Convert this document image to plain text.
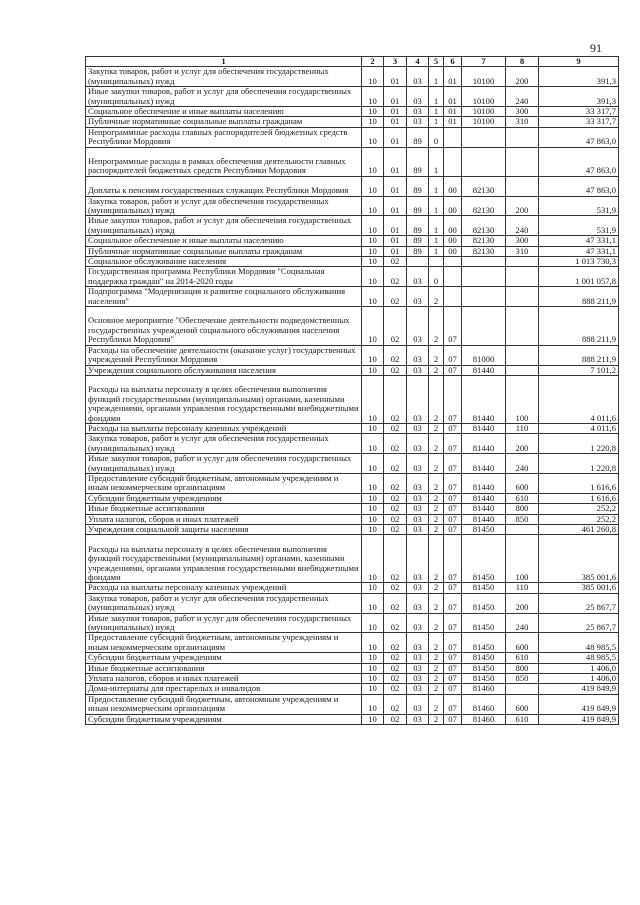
91
1	2	3	4	5	6	7	8	9
Закупка товаров, работ и услуг для обеспечения государственных (муниципальных) нужд	10	01	03	1	01	10100	200	391,3
Иные закупки товаров, работ и услуг для обеспечения государственных (муниципальных) нужд	10	01	03	1	01	10100	240	391,3
Социальное обеспечение и иные выплаты населению	10	01	03	1	01	10100	300	33 317,7
Публичные нормативные социальные выплаты гражданам	10	01	03	1	01	10100	310	33 317,7
Непрограммные расходы главных распорядителей бюджетных средств Республики Мордовия	10	01	89	0				47 863,0
Непрограммные расходы в рамках обеспечения деятельности главных распорядителей бюджетных средств Республики Мордовия	10	01	89	1				47 863,0
Доплаты к пенсиям государственных служащих Республики Мордовия	10	01	89	1	00	82130		47 863,0
Закупка товаров, работ и услуг для обеспечения государственных (муниципальных) нужд	10	01	89	1	00	82130	200	531,9
Иные закупки товаров, работ и услуг для обеспечения государственных (муниципальных) нужд	10	01	89	1	00	82130	240	531,9
Социальное обеспечение и иные выплаты населению	10	01	89	1	00	82130	300	47 331,1
Публичные нормативные социальные выплаты гражданам	10	01	89	1	00	82130	310	47 331,1
Социальное обслуживание населения	10	02						1 013 730,3
Государственная программа Республики Мордовия "Социальная поддержка граждан" на 2014-2020 годы	10	02	03	0				1 001 057,8
Подпрограмма "Модернизация и развитие социального обслуживания населения"	10	02	03	2				888 211,9
Основное мероприятие "Обеспечение деятельности подведомственных государственных учреждений социального обслуживания населения Республики Мордовия"	10	02	03	2	07			888 211,9
Расходы на обеспечение деятельности (оказание услуг) государственных учреждений Республики Мордовия	10	02	03	2	07	81000		888 211,9
Учреждения социального обслуживания населения	10	02	03	2	07	81440		7 101,2
Расходы на выплаты персоналу в целях обеспечения выполнения функций государственными (муниципальными) органами, казенными учреждениями, органами управления государственными внебюджетными фондами	10	02	03	2	07	81440	100	4 011,6
Расходы на выплаты персоналу казенных учреждений	10	02	03	2	07	81440	110	4 011,6
Закупка товаров, работ и услуг для обеспечения государственных (муниципальных) нужд	10	02	03	2	07	81440	200	1 220,8
Иные закупки товаров, работ и услуг для обеспечения государственных (муниципальных) нужд	10	02	03	2	07	81440	240	1 220,8
Предоставление субсидий бюджетным, автономным учреждениям и иным некоммерческим организациям	10	02	03	2	07	81440	600	1 616,6
Субсидии бюджетным учреждениям	10	02	03	2	07	81440	610	1 616,6
Иные бюджетные ассигнования	10	02	03	2	07	81440	800	252,2
Уплата налогов, сборов и иных платежей	10	02	03	2	07	81440	850	252,2
Учреждения социальной защиты населения	10	02	03	2	07	81450		461 260,8
Расходы на выплаты персоналу в целях обеспечения выполнения функций государственными (муниципальными) органами, казенными учреждениями, органами управления государственными внебюджетными фондами	10	02	03	2	07	81450	100	385 001,6
Расходы на выплаты персоналу казенных учреждений	10	02	03	2	07	81450	110	385 001,6
Закупка товаров, работ и услуг для обеспечения государственных (муниципальных) нужд	10	02	03	2	07	81450	200	25 867,7
Иные закупки товаров, работ и услуг для обеспечения государственных (муниципальных) нужд	10	02	03	2	07	81450	240	25 867,7
Предоставление субсидий бюджетным, автономным учреждениям и иным некоммерческим организациям	10	02	03	2	07	81450	600	48 985,5
Субсидии бюджетным учреждениям	10	02	03	2	07	81450	610	48 985,5
Иные бюджетные ассигнования	10	02	03	2	07	81450	800	1 406,0
Уплата налогов, сборов и иных платежей	10	02	03	2	07	81450	850	1 406,0
Дома-интернаты для престарелых и инвалидов	10	02	03	2	07	81460		419 849,9
Предоставление субсидий бюджетным, автономным учреждениям и иным некоммерческим организациям	10	02	03	2	07	81460	600	419 849,9
Субсидии бюджетным учреждениям	10	02	03	2	07	81460	610	419 849,9
